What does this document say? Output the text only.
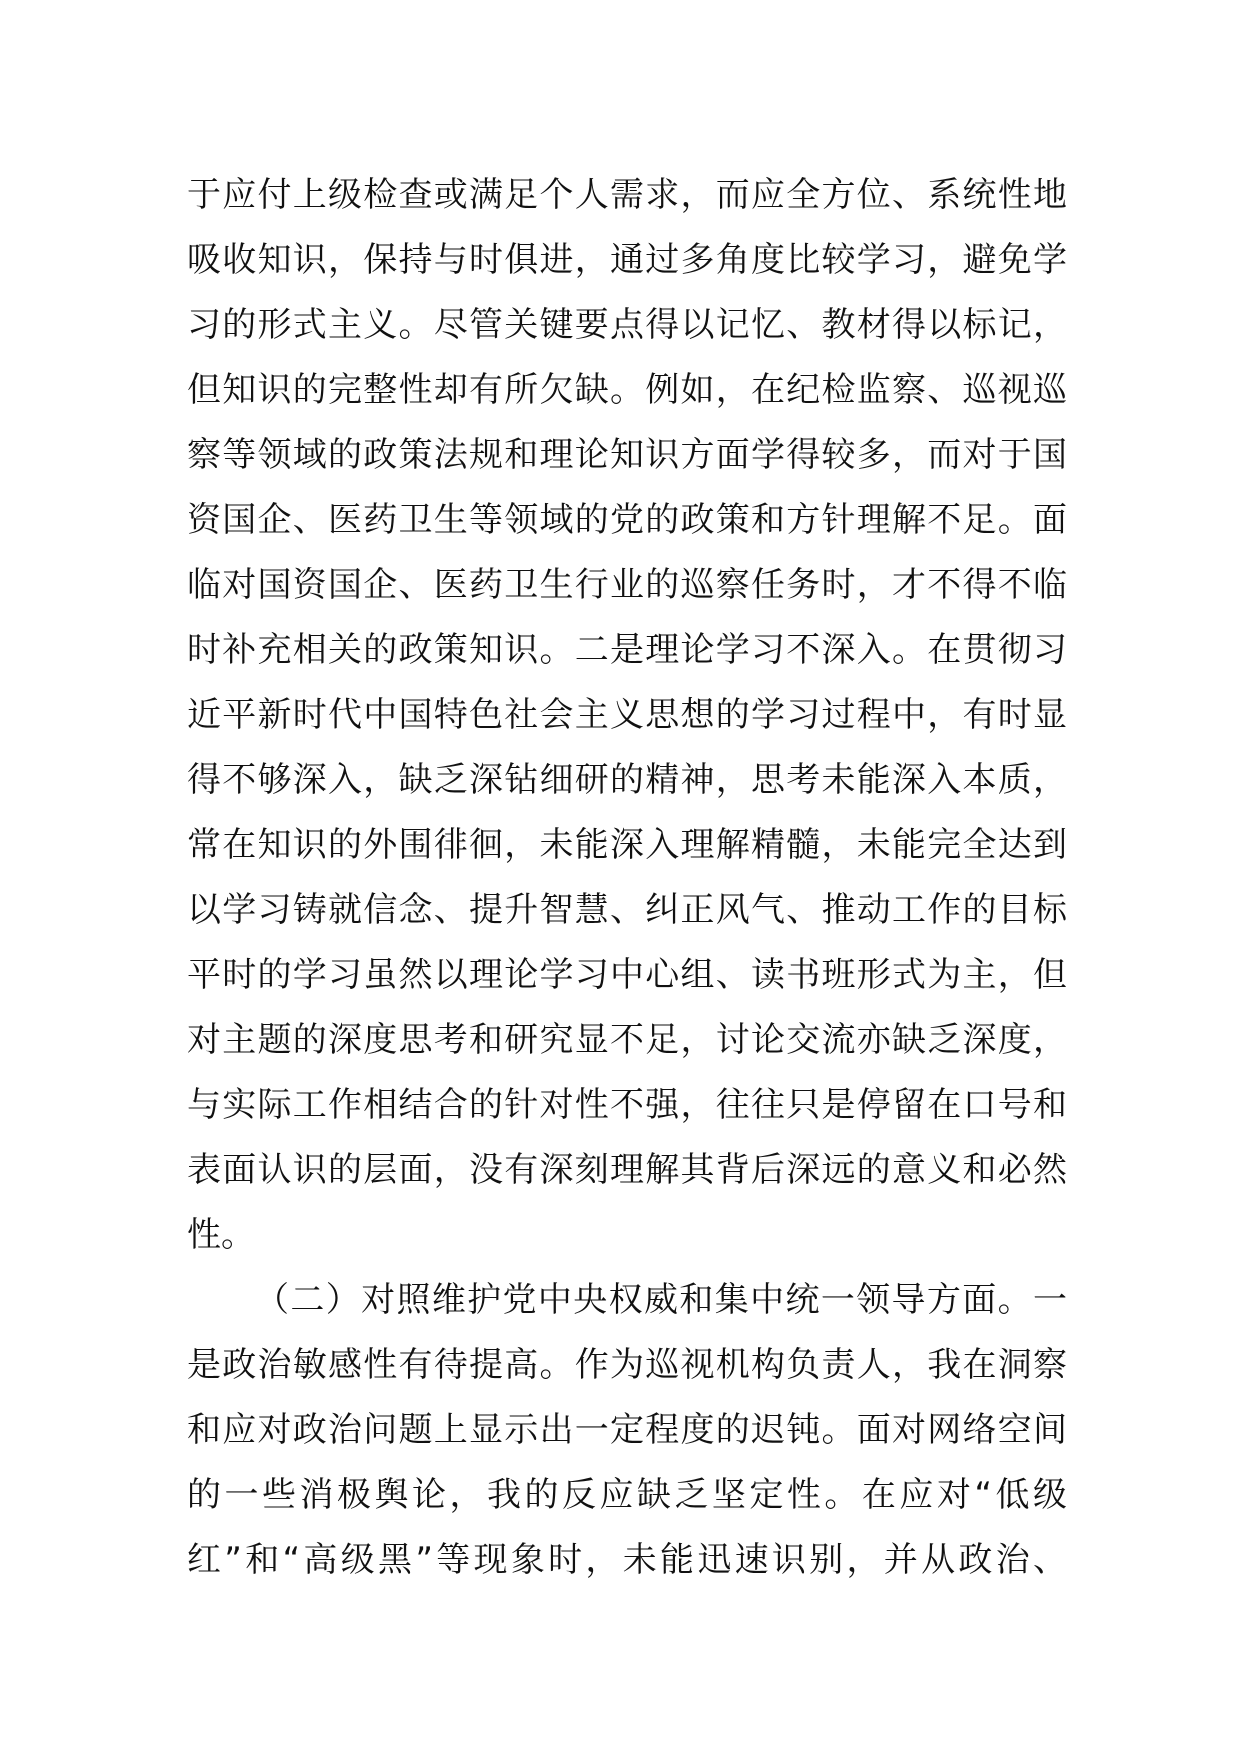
于应付上级检查或满足个人需求，而应全方位、系统性地
吸收知识，保持与时俱进，通过多角度比较学习，避免学
习的形式主义。尽管关键要点得以记忆、教材得以标记，
但知识的完整性却有所欠缺。例如，在纪检监察、巡视巡
察等领域的政策法规和理论知识方面学得较多，而对于国
资国企、医药卫生等领域的党的政策和方针理解不足。面
临对国资国企、医药卫生行业的巡察任务时，才不得不临
时补充相关的政策知识。二是理论学习不深入。在贯彻习
近平新时代中国特色社会主义思想的学习过程中，有时显
得不够深入，缺乏深钻细研的精神，思考未能深入本质，
常在知识的外围徘徊，未能深入理解精髓，未能完全达到
以学习铸就信念、提升智慧、纠正风气、推动工作的目标
平时的学习虽然以理论学习中心组、读书班形式为主，但
对主题的深度思考和研究显不足，讨论交流亦缺乏深度，
与实际工作相结合的针对性不强，往往只是停留在口号和
表面认识的层面，没有深刻理解其背后深远的意义和必然
性。
（二）对照维护党中央权威和集中统一领导方面。一
是政治敏感性有待提高。作为巡视机构负责人，我在洞察
和应对政治问题上显示出一定程度的迟钝。面对网络空间
的一些消极舆论，我的反应缺乏坚定性。在应对“低级
红”和“高级黑”等现象时，未能迅速识别，并从政治、
